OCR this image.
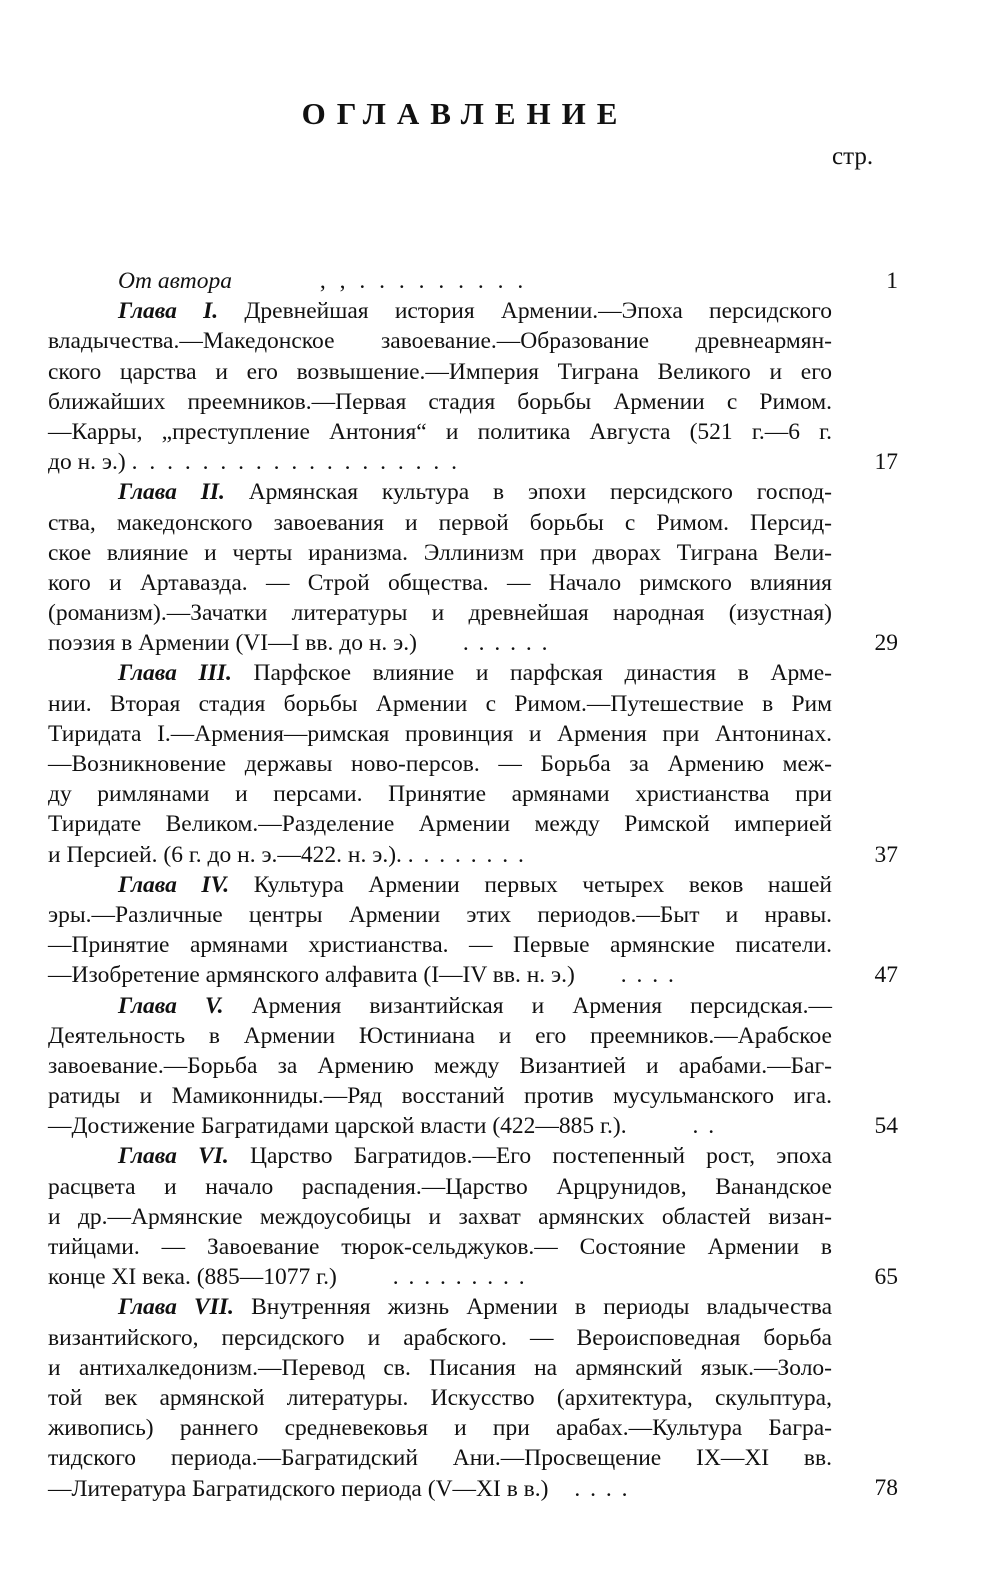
ОГЛАВЛЕНИЕ
стр.
От автора	, , . . . . . . . . .	1
Глава I. Древнейшая история Армении.—Эпоха персидского
владычества.—Македонское завоевание.—Образование древнеармян-
ского царства и его возвышение.—Империя Тиграна Великого и его
ближайших преемников.—Первая стадия борьбы Армении с Римом.
—Карры, „преступление Антония“ и политика Августа (521 г.—6 г.
до н. э.) . . . . . . . . . . . . . . . . . . .	17
Глава II. Армянская культура в эпохи персидского господ-
ства, македонского завоевания и первой борьбы с Римом. Персид-
ское влияние и черты иранизма. Эллинизм при дворах Тиграна Вели-
кого и Артавазда. — Строй общества. — Начало римского влияния
(романизм).—Зачатки литературы и древнейшая народная (изустная)
поэзия в Армении (VI—I вв. до н. э.) . . . . . .	29
Глава III. Парфское влияние и парфская династия в Арме-
нии. Вторая стадия борьбы Армении с Римом.—Путешествие в Рим
Тиридата I.—Армения—римская провинция и Армения при Антонинах.
—Возникновение державы ново-персов. — Борьба за Армению меж-
ду римлянами и персами. Принятие армянами христианства при
Тиридате Великом.—Разделение Армении между Римской империей
и Персией. (6 г. до н. э.—422. н. э.). . . . . . . . .	37
Глава IV. Культура Армении первых четырех веков нашей
эры.—Различные центры Армении этих периодов.—Быт и нравы.
—Принятие армянами христианства. — Первые армянские писатели.
—Изобретение армянского алфавита (I—IV вв. н. э.) . . . .	47
Глава V. Армения византийская и Армения персидская.—
Деятельность в Армении Юстиниана и его преемников.—Арабское
завоевание.—Борьба за Армению между Византией и арабами.—Баг-
ратиды и Мамиконниды.—Ряд восстаний против мусульманского ига.
—Достижение Багратидами царской власти (422—885 г.).	. .	54
Глава VI. Царство Багратидов.—Его постепенный рост, эпоха
расцвета и начало распадения.—Царство Арцрунидов, Ванандское
и др.—Армянские междоусобицы и захват армянских областей визан-
тийцами. — Завоевание тюрок-сельджуков.— Состояние Армении в
конце XI века. (885—1077 г.) . . . . . . . . .	65
Глава VII. Внутренняя жизнь Армении в периоды владычества
византийского, персидского и арабского. — Вероисповедная борьба
и антихалкедонизм.—Перевод св. Писания на армянский язык.—Золо-
той век армянской литературы. Искусство (архитектура, скульптура,
живопись) раннего средневековья и при арабах.—Культура Багра-
тидского периода.—Багратидский Ани.—Просвещение IX—XI вв.
—Литература Багратидского периода (V—XI в в.) . . . .	78
